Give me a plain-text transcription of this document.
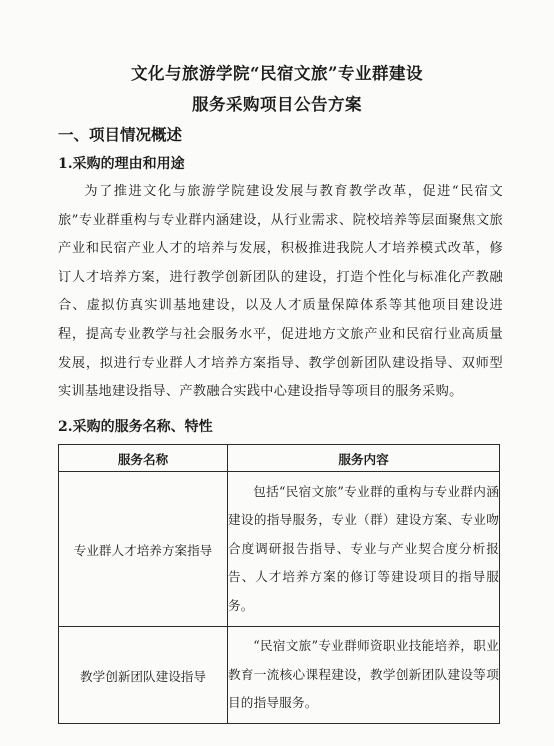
文化与旅游学院“民宿文旅”专业群建设
服务采购项目公告方案
一、项目情况概述
1.采购的理由和用途
为了推进文化与旅游学院建设发展与教育教学改革，促进“民宿文旅”专业群重构与专业群内涵建设，从行业需求、院校培养等层面聚焦文旅产业和民宿产业人才的培养与发展，积极推进我院人才培养模式改革，修订人才培养方案，进行教学创新团队的建设，打造个性化与标准化产教融合、虚拟仿真实训基地建设，以及人才质量保障体系等其他项目建设进程，提高专业教学与社会服务水平，促进地方文旅产业和民宿行业高质量发展，拟进行专业群人才培养方案指导、教学创新团队建设指导、双师型实训基地建设指导、产教融合实践中心建设指导等项目的服务采购。
2.采购的服务名称、特性
服务名称	服务内容
专业群人才培养方案指导	包括“民宿文旅”专业群的重构与专业群内涵建设的指导服务，专业（群）建设方案、专业吻合度调研报告指导、专业与产业契合度分析报告、人才培养方案的修订等建设项目的指导服务。
教学创新团队建设指导	“民宿文旅”专业群师资职业技能培养，职业教育一流核心课程建设，教学创新团队建设等项目的指导服务。
